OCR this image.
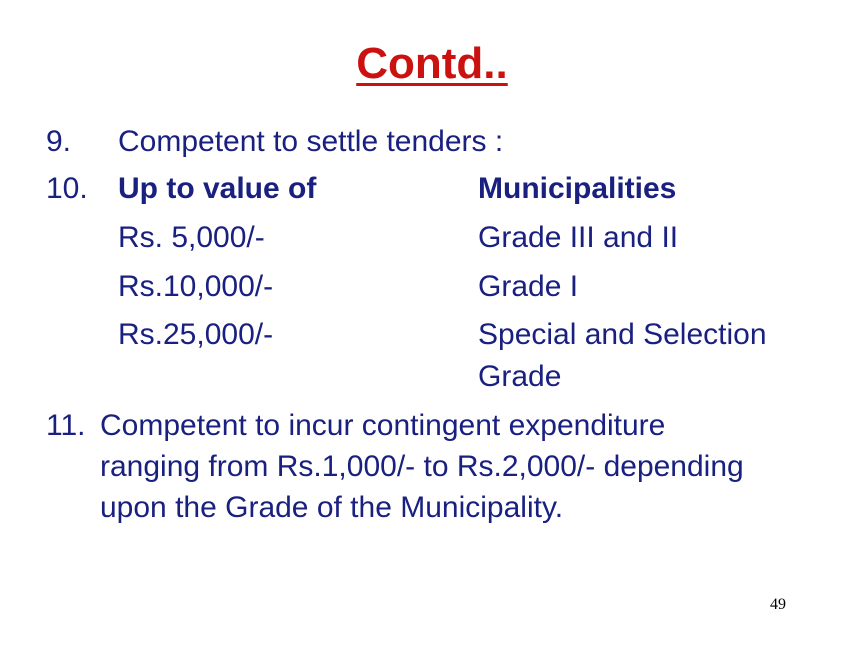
Contd..
9. Competent to settle tenders :
10. Up to value of	Municipalities
Rs. 5,000/-	Grade III and II
Rs.10,000/-	Grade I
Rs.25,000/-	Special and Selection
Grade
11. Competent to incur contingent expenditure
ranging from Rs.1,000/- to Rs.2,000/- depending
upon the Grade of the Municipality.
49
